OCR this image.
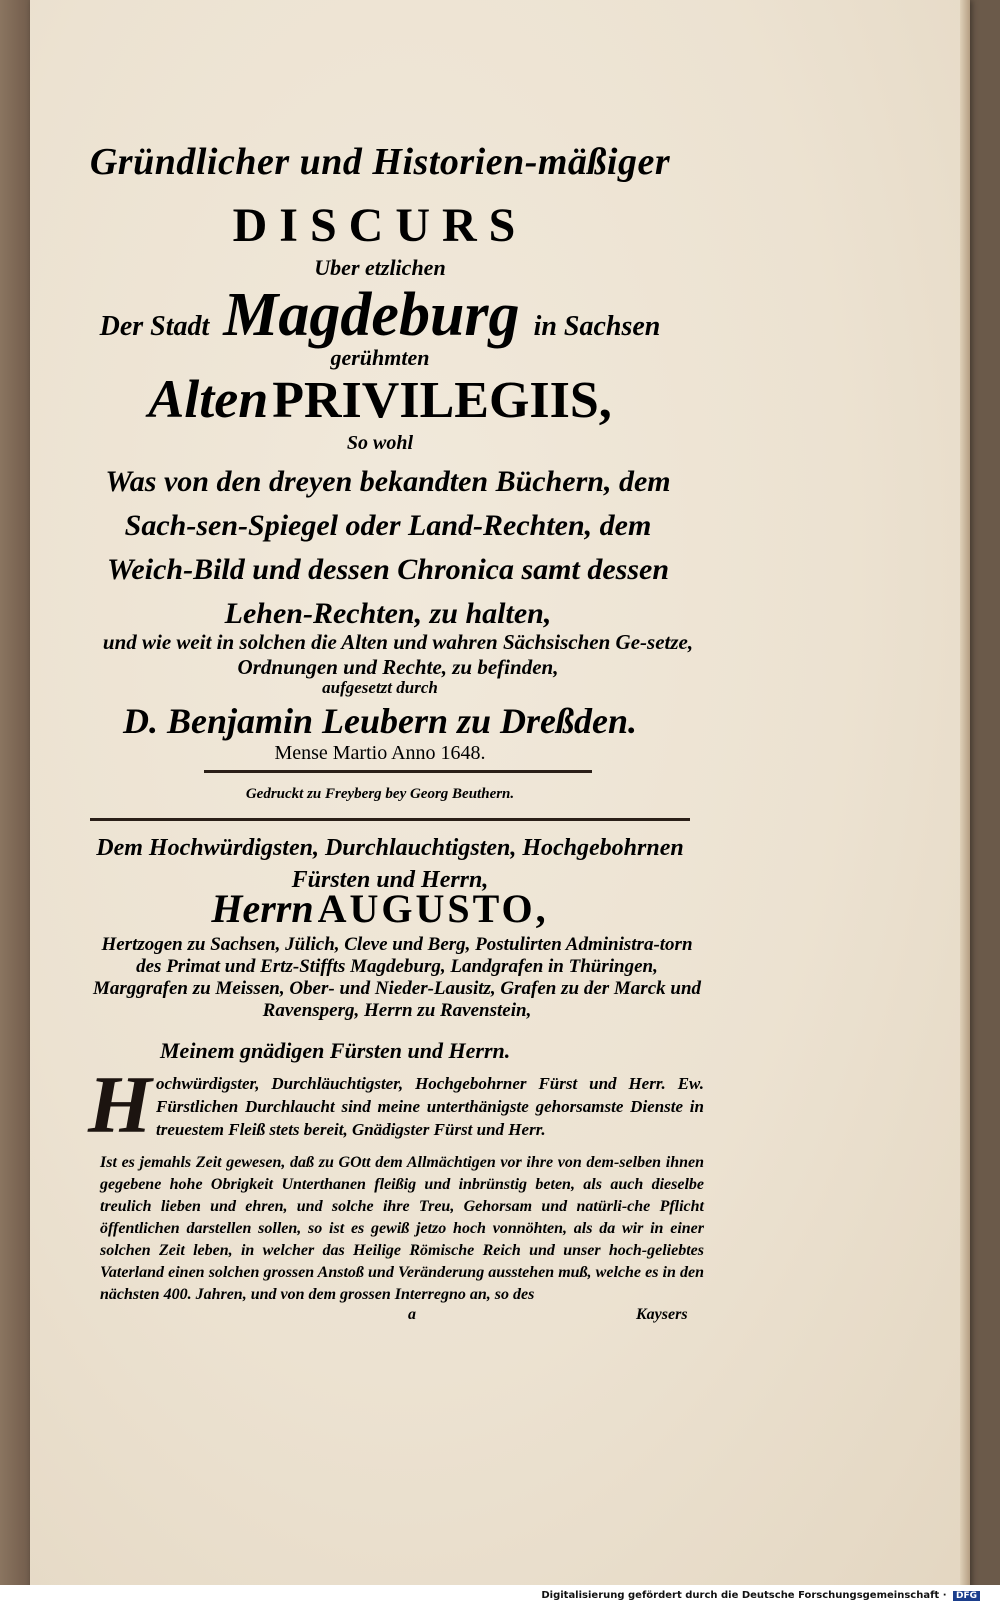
Gründlicher und Historien-mäßiger
DISCURS
Uber etzlichen
Der Stadt Magdeburg in Sachsen
gerühmten
Alten PRIVILEGIIS,
So wohl
Was von den dreyen bekandten Büchern, dem Sach-sen-Spiegel oder Land-Rechten, dem Weich-Bild und dessen Chronica samt dessen Lehen-Rechten, zu halten,
und wie weit in solchen die Alten und wahren Sächsischen Ge-setze, Ordnungen und Rechte, zu befinden,
aufgesetzt durch
D. Benjamin Leubern zu Dreßden.
Mense Martio Anno 1648.
Gedruckt zu Freyberg bey Georg Beuthern.
Dem Hochwürdigsten, Durchlauchtigsten, Hochgebohrnen Fürsten und Herrn,
Herrn AUGUSTO,
Hertzogen zu Sachsen, Jülich, Cleve und Berg, Postulirten Administra-torn des Primat und Ertz-Stiffts Magdeburg, Landgrafen in Thüringen, Marggrafen zu Meissen, Ober- und Nieder-Lausitz, Grafen zu der Marck und Ravensperg, Herrn zu Ravenstein,
Meinem gnädigen Fürsten und Herrn.
H ochwürdigster, Durchläuchtigster, Hochgebohrner Fürst und Herr. Ew. Fürstlichen Durchlaucht sind meine unterthänigste gehorsamste Dienste in treuestem Fleiß stets bereit, Gnädigster Fürst und Herr.
Ist es jemahls Zeit gewesen, daß zu GOtt dem Allmächtigen vor ihre von dem-selben ihnen gegebene hohe Obrigkeit Unterthanen fleißig und inbrünstig beten, als auch dieselbe treulich lieben und ehren, und solche ihre Treu, Gehorsam und natürli-che Pflicht öffentlichen darstellen sollen, so ist es gewiß jetzo hoch vonnöhten, als da wir in einer solchen Zeit leben, in welcher das Heilige Römische Reich und unser hoch-geliebtes Vaterland einen solchen grossen Anstoß und Veränderung ausstehen muß, welche es in den nächsten 400. Jahren, und von dem grossen Interregno an, so des
a	Kaysers
Digitalisierung gefördert durch die Deutsche Forschungsgemeinschaft · DFG
